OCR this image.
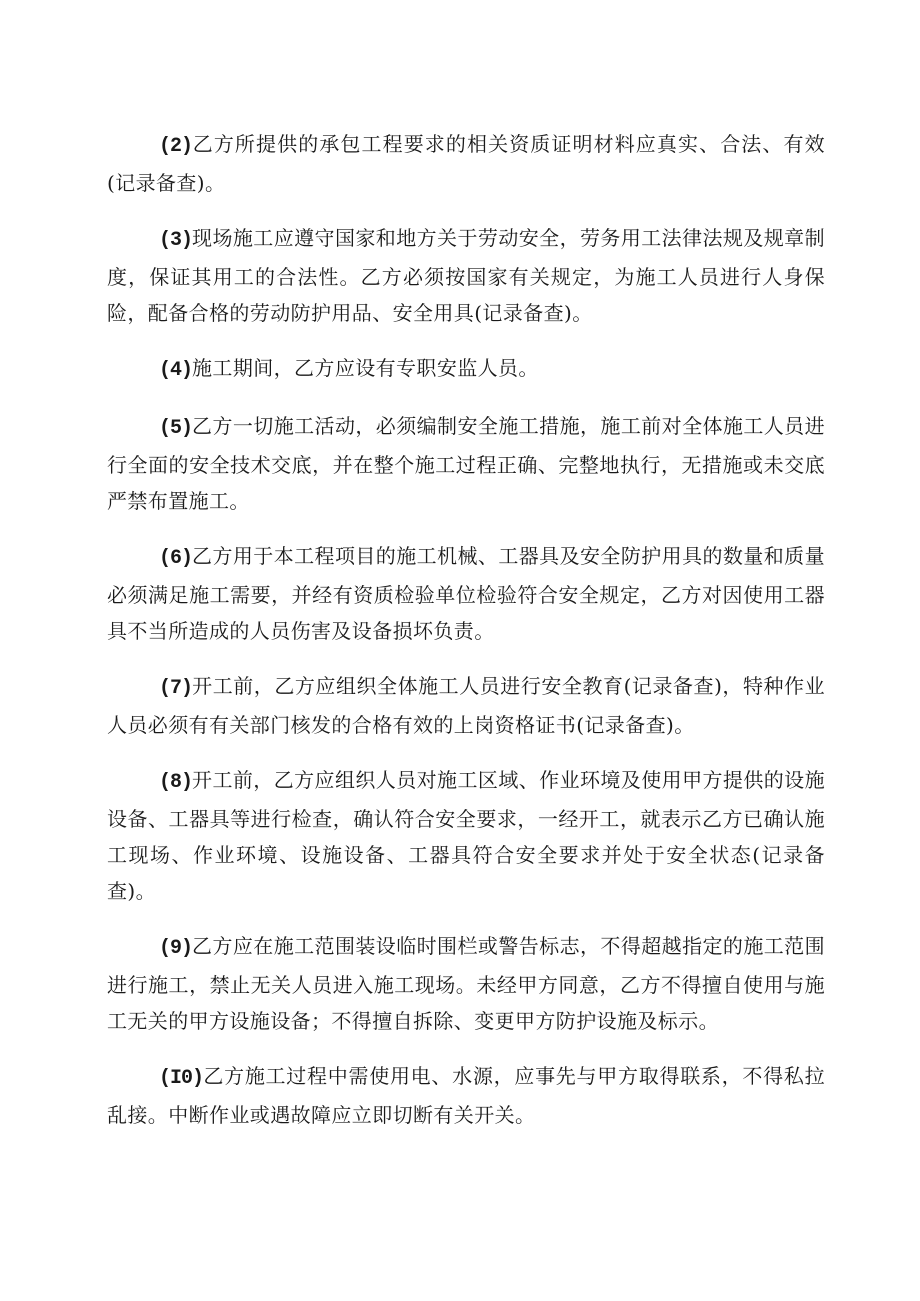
(2)乙方所提供的承包工程要求的相关资质证明材料应真实、合法、有效(记录备查)。

(3)现场施工应遵守国家和地方关于劳动安全，劳务用工法律法规及规章制度，保证其用工的合法性。乙方必须按国家有关规定，为施工人员进行人身保险，配备合格的劳动防护用品、安全用具(记录备查)。

(4)施工期间，乙方应设有专职安监人员。

(5)乙方一切施工活动，必须编制安全施工措施，施工前对全体施工人员进行全面的安全技术交底，并在整个施工过程正确、完整地执行，无措施或未交底严禁布置施工。

(6)乙方用于本工程项目的施工机械、工器具及安全防护用具的数量和质量必须满足施工需要，并经有资质检验单位检验符合安全规定，乙方对因使用工器具不当所造成的人员伤害及设备损坏负责。

(7)开工前，乙方应组织全体施工人员进行安全教育(记录备查)，特种作业人员必须有有关部门核发的合格有效的上岗资格证书(记录备查)。

(8)开工前，乙方应组织人员对施工区域、作业环境及使用甲方提供的设施设备、工器具等进行检查，确认符合安全要求，一经开工，就表示乙方已确认施工现场、作业环境、设施设备、工器具符合安全要求并处于安全状态(记录备查)。

(9)乙方应在施工范围装设临时围栏或警告标志，不得超越指定的施工范围进行施工，禁止无关人员进入施工现场。未经甲方同意，乙方不得擅自使用与施工无关的甲方设施设备；不得擅自拆除、变更甲方防护设施及标示。

(I0)乙方施工过程中需使用电、水源，应事先与甲方取得联系，不得私拉乱接。中断作业或遇故障应立即切断有关开关。
